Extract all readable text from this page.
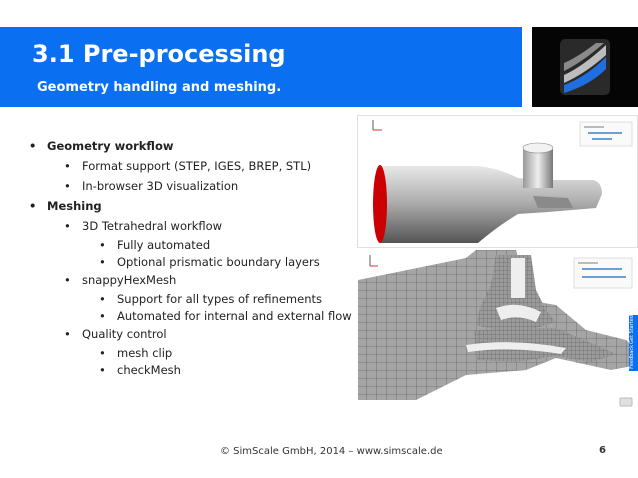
3.1 Pre-processing
Geometry handling and meshing.
• Geometry workflow
• Format support (STEP, IGES, BREP, STL)
• In-browser 3D visualization
• Meshing
• 3D Tetrahedral workflow
• Fully automated
• Optional prismatic boundary layers
• snappyHexMesh
• Support for all types of refinements
• Automated for internal and external flow
• Quality control
• mesh clip
• checkMesh
Feedback
Get Started
© SimScale GmbH, 2014 – www.simscale.de	6
